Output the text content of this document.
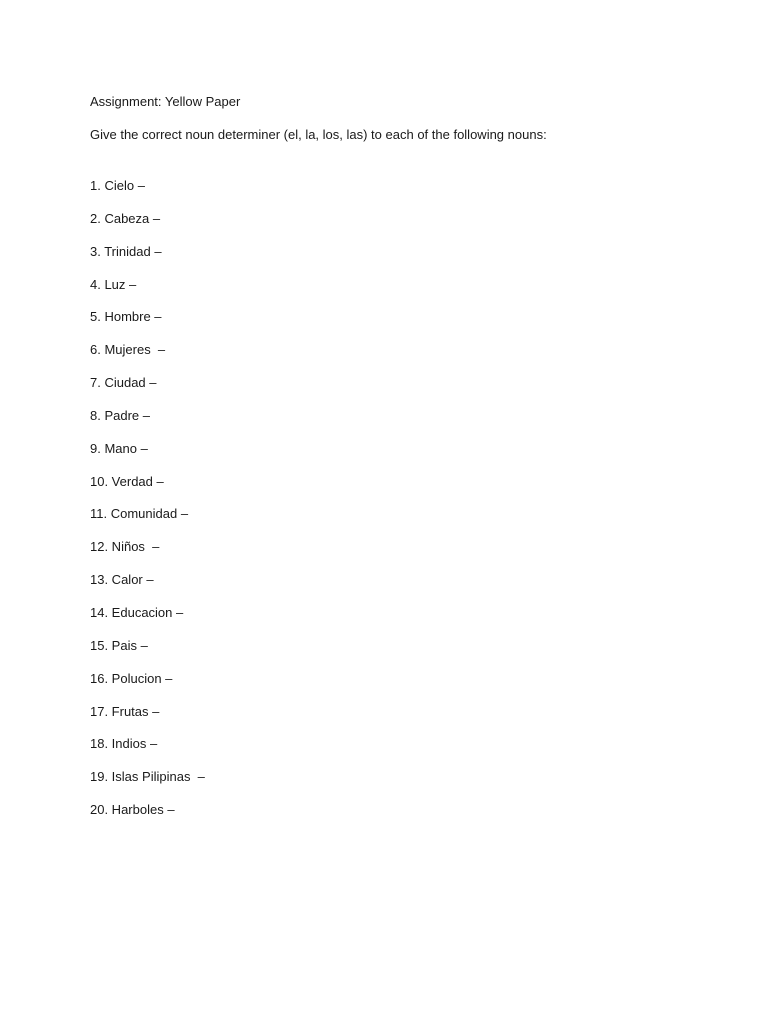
Assignment: Yellow Paper

Give the correct noun determiner (el, la, los, las) to each of the following nouns:

1. Cielo –
2. Cabeza –
3. Trinidad –
4. Luz –
5. Hombre –
6. Mujeres  –
7. Ciudad –
8. Padre –
9. Mano –
10. Verdad –
11. Comunidad –
12. Niños  –
13. Calor –
14. Educacion –
15. Pais –
16. Polucion –
17. Frutas –
18. Indios –
19. Islas Pilipinas  –
20. Harboles –
